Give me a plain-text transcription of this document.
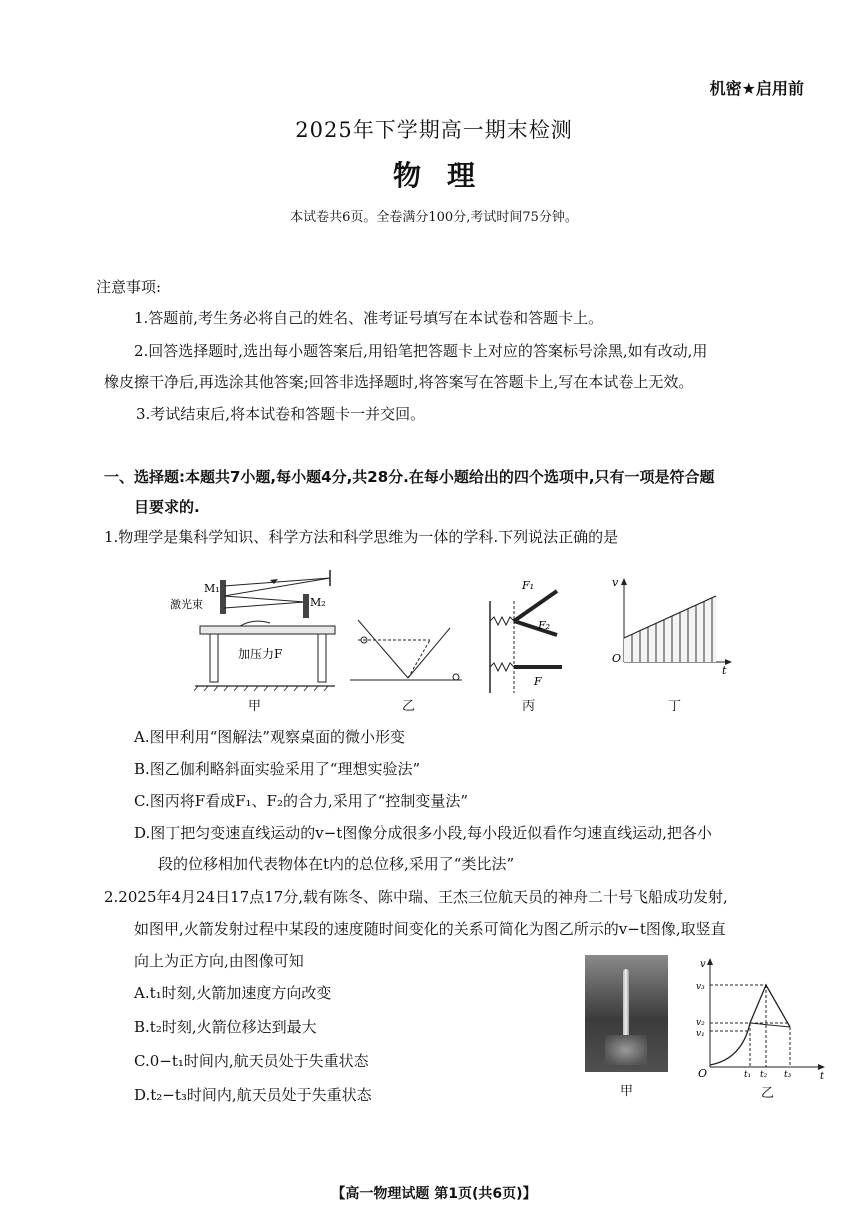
机密★启用前
2025年下学期高一期末检测
物理
本试卷共6页。全卷满分100分,考试时间75分钟。
注意事项:
1.答题前,考生务必将自己的姓名、准考证号填写在本试卷和答题卡上。
2.回答选择题时,选出每小题答案后,用铅笔把答题卡上对应的答案标号涂黑,如有改动,用
橡皮擦干净后,再选涂其他答案;回答非选择题时,将答案写在答题卡上,写在本试卷上无效。
3.考试结束后,将本试卷和答题卡一并交回。
一、选择题:本题共7小题,每小题4分,共28分.在每小题给出的四个选项中,只有一项是符合题
目要求的.
1.物理学是集科学知识、科学方法和科学思维为一体的学科.下列说法正确的是
M₁
M₂
激光束
加压力F
甲	乙
F₁
F₂
F
丙
O
v
t
丁
A.图甲利用“图解法”观察桌面的微小形变
B.图乙伽利略斜面实验采用了“理想实验法”
C.图丙将F看成F₁、F₂的合力,采用了“控制变量法”
D.图丁把匀变速直线运动的v−t图像分成很多小段,每小段近似看作匀速直线运动,把各小
段的位移相加代表物体在t内的总位移,采用了“类比法”
2.2025年4月24日17点17分,载有陈冬、陈中瑞、王杰三位航天员的神舟二十号飞船成功发射,
如图甲,火箭发射过程中某段的速度随时间变化的关系可简化为图乙所示的v−t图像,取竖直
向上为正方向,由图像可知
A.t₁时刻,火箭加速度方向改变
B.t₂时刻,火箭位移达到最大
C.0−t₁时间内,航天员处于失重状态
D.t₂−t₃时间内,航天员处于失重状态	甲
v
v₃
v₂
v₁
O	t₁ t₂ t₃	t
乙
【高一物理试题 第1页(共6页)】
